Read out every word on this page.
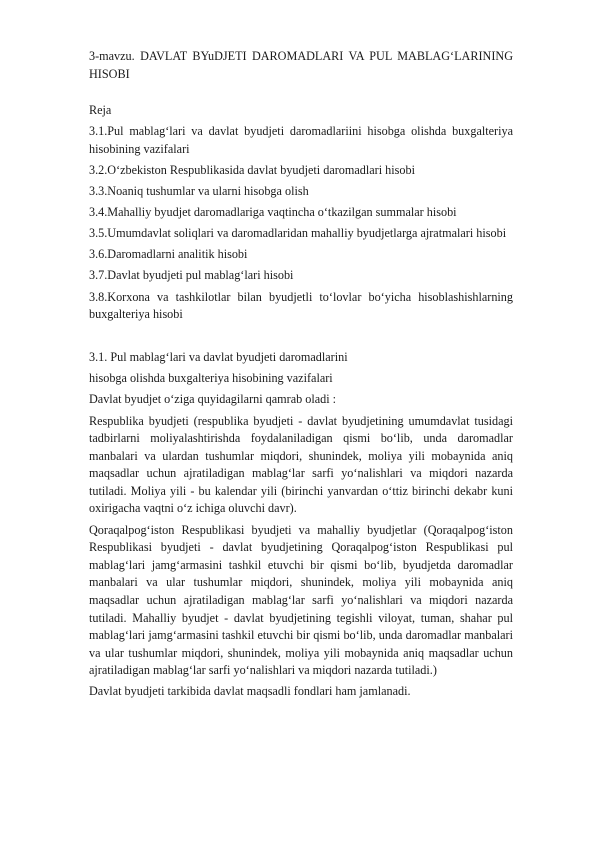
3-mavzu. DAVLAT BYuDJETI DAROMADLARI VA PUL MABLAG‘LARINING HISOBI

Reja

3.1.Pul mablag‘lari va davlat byudjeti daromadlariini hisobga olishda buxgalteriya hisobining vazifalari

3.2.O‘zbekiston Respublikasida davlat byudjeti daromadlari hisobi

3.3.Noaniq tushumlar va ularni hisobga olish

3.4.Mahalliy byudjet daromadlariga vaqtincha o‘tkazilgan summalar hisobi

3.5.Umumdavlat soliqlari va daromadlaridan mahalliy byudjetlarga ajratmalari hisobi

3.6.Daromadlarni analitik hisobi

3.7.Davlat byudjeti pul mablag‘lari hisobi

3.8.Korxona va tashkilotlar bilan byudjetli to‘lovlar bo‘yicha hisoblashishlarning buxgalteriya hisobi

3.1. Pul mablag‘lari va davlat byudjeti daromadlarini

hisobga olishda buxgalteriya hisobining vazifalari

Davlat byudjet o‘ziga quyidagilarni qamrab oladi :

Respublika byudjeti (respublika byudjeti - davlat byudjetining umumdavlat tusidagi tadbirlarni moliyalashtirishda foydalaniladigan qismi bo‘lib, unda daromadlar manbalari va ulardan tushumlar miqdori, shunindek, moliya yili mobaynida aniq maqsadlar uchun ajratiladigan mablag‘lar sarfi yo‘nalishlari va miqdori nazarda tutiladi. Moliya yili - bu kalendar yili (birinchi yanvardan o‘ttiz birinchi dekabr kuni oxirigacha vaqtni o‘z ichiga oluvchi davr).

Qoraqalpog‘iston Respublikasi byudjeti va mahalliy byudjetlar (Qoraqalpog‘iston Respublikasi byudjeti - davlat byudjetining Qoraqalpog‘iston Respublikasi pul mablag‘lari jamg‘armasini tashkil etuvchi bir qismi bo‘lib, byudjetda daromadlar manbalari va ular tushumlar miqdori, shunindek, moliya yili mobaynida aniq maqsadlar uchun ajratiladigan mablag‘lar sarfi yo‘nalishlari va miqdori nazarda tutiladi. Mahalliy byudjet - davlat byudjetining tegishli viloyat, tuman, shahar pul mablag‘lari jamg‘armasini tashkil etuvchi bir qismi bo‘lib, unda daromadlar manbalari va ular tushumlar miqdori, shunindek, moliya yili mobaynida aniq maqsadlar uchun ajratiladigan mablag‘lar sarfi yo‘nalishlari va miqdori nazarda tutiladi.)

Davlat byudjeti tarkibida davlat maqsadli fondlari ham jamlanadi.
